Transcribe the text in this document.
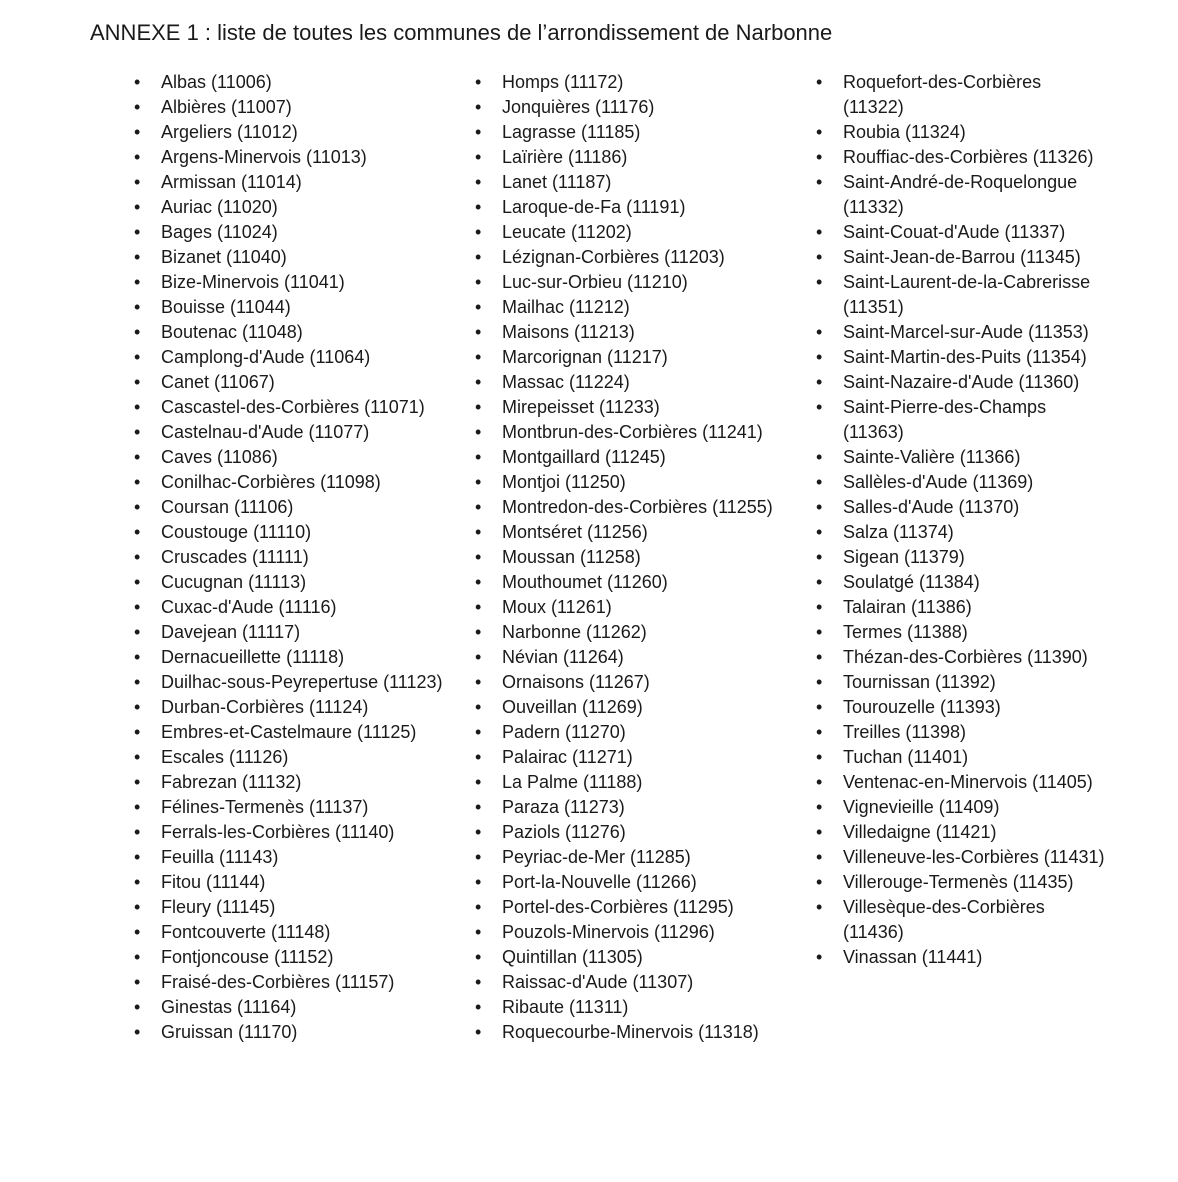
ANNEXE 1 : liste de toutes les communes de l’arrondissement de Narbonne
• Albas (11006)
• Albières (11007)
• Argeliers (11012)
• Argens-Minervois (11013)
• Armissan (11014)
• Auriac (11020)
• Bages (11024)
• Bizanet (11040)
• Bize-Minervois (11041)
• Bouisse (11044)
• Boutenac (11048)
• Camplong-d'Aude (11064)
• Canet (11067)
• Cascastel-des-Corbières (11071)
• Castelnau-d'Aude (11077)
• Caves (11086)
• Conilhac-Corbières (11098)
• Coursan (11106)
• Coustouge (11110)
• Cruscades (11111)
• Cucugnan (11113)
• Cuxac-d'Aude (11116)
• Davejean (11117)
• Dernacueillette (11118)
• Duilhac-sous-Peyrepertuse (11123)
• Durban-Corbières (11124)
• Embres-et-Castelmaure (11125)
• Escales (11126)
• Fabrezan (11132)
• Félines-Termenès (11137)
• Ferrals-les-Corbières (11140)
• Feuilla (11143)
• Fitou (11144)
• Fleury (11145)
• Fontcouverte (11148)
• Fontjoncouse (11152)
• Fraisé-des-Corbières (11157)
• Ginestas (11164)
• Gruissan (11170)
• Homps (11172)
• Jonquières (11176)
• Lagrasse (11185)
• Laïrière (11186)
• Lanet (11187)
• Laroque-de-Fa (11191)
• Leucate (11202)
• Lézignan-Corbières (11203)
• Luc-sur-Orbieu (11210)
• Mailhac (11212)
• Maisons (11213)
• Marcorignan (11217)
• Massac (11224)
• Mirepeisset (11233)
• Montbrun-des-Corbières (11241)
• Montgaillard (11245)
• Montjoi (11250)
• Montredon-des-Corbières (11255)
• Montséret (11256)
• Moussan (11258)
• Mouthoumet (11260)
• Moux (11261)
• Narbonne (11262)
• Névian (11264)
• Ornaisons (11267)
• Ouveillan (11269)
• Padern (11270)
• Palairac (11271)
• La Palme (11188)
• Paraza (11273)
• Paziols (11276)
• Peyriac-de-Mer (11285)
• Port-la-Nouvelle (11266)
• Portel-des-Corbières (11295)
• Pouzols-Minervois (11296)
• Quintillan (11305)
• Raissac-d'Aude (11307)
• Ribaute (11311)
• Roquecourbe-Minervois (11318)
• Roquefort-des-Corbières (11322)
• Roubia (11324)
• Rouffiac-des-Corbières (11326)
• Saint-André-de-Roquelongue (11332)
• Saint-Couat-d'Aude (11337)
• Saint-Jean-de-Barrou (11345)
• Saint-Laurent-de-la-Cabrerisse (11351)
• Saint-Marcel-sur-Aude (11353)
• Saint-Martin-des-Puits (11354)
• Saint-Nazaire-d'Aude (11360)
• Saint-Pierre-des-Champs (11363)
• Sainte-Valière (11366)
• Sallèles-d'Aude (11369)
• Salles-d'Aude (11370)
• Salza (11374)
• Sigean (11379)
• Soulatgé (11384)
• Talairan (11386)
• Termes (11388)
• Thézan-des-Corbières (11390)
• Tournissan (11392)
• Tourouzelle (11393)
• Treilles (11398)
• Tuchan (11401)
• Ventenac-en-Minervois (11405)
• Vignevieille (11409)
• Villedaigne (11421)
• Villeneuve-les-Corbières (11431)
• Villerouge-Termenès (11435)
• Villesèque-des-Corbières (11436)
• Vinassan (11441)
